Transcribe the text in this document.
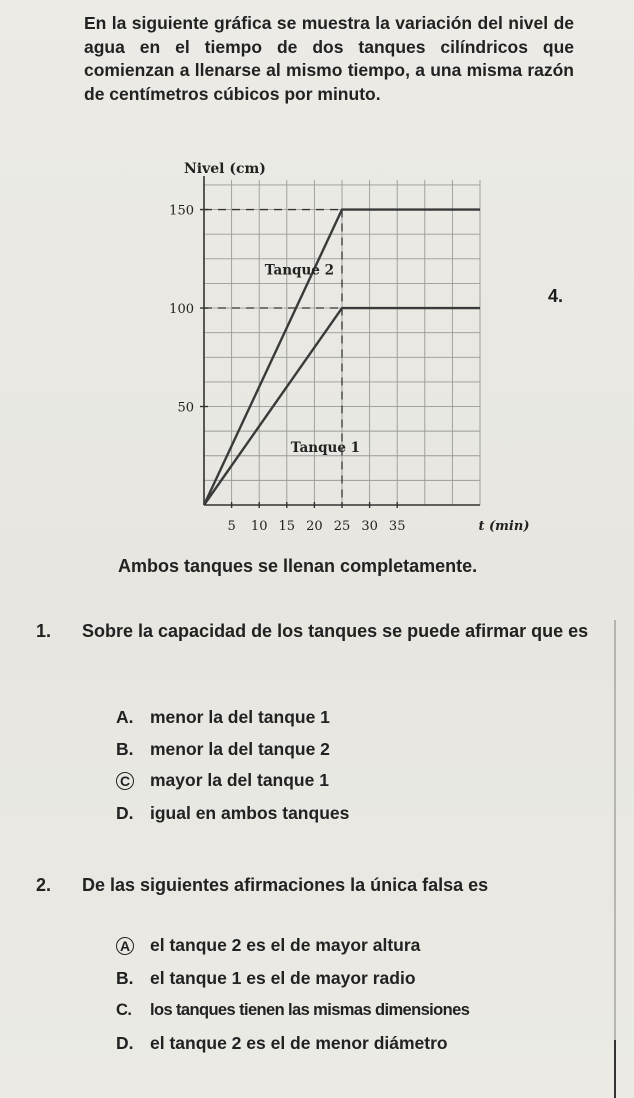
En la siguiente gráfica se muestra la variación del nivel de agua en el tiempo de dos tanques cilíndricos que comienzan a llenarse al mismo tiempo, a una misma razón de centímetros cúbicos por minuto.
4.
5 10 15 20 25 30 35
50
100
150
Nivel (cm)
t (min)
Tanque 2
Tanque 1
Ambos tanques se llenan completamente.
1. Sobre la capacidad de los tanques se puede afirmar que es
A. menor la del tanque 1
B. menor la del tanque 2
C mayor la del tanque 1
D. igual en ambos tanques
2. De las siguientes afirmaciones la única falsa es
A el tanque 2 es el de mayor altura
B. el tanque 1 es el de mayor radio
C. los tanques tienen las mismas dimensiones
D. el tanque 2 es el de menor diámetro
